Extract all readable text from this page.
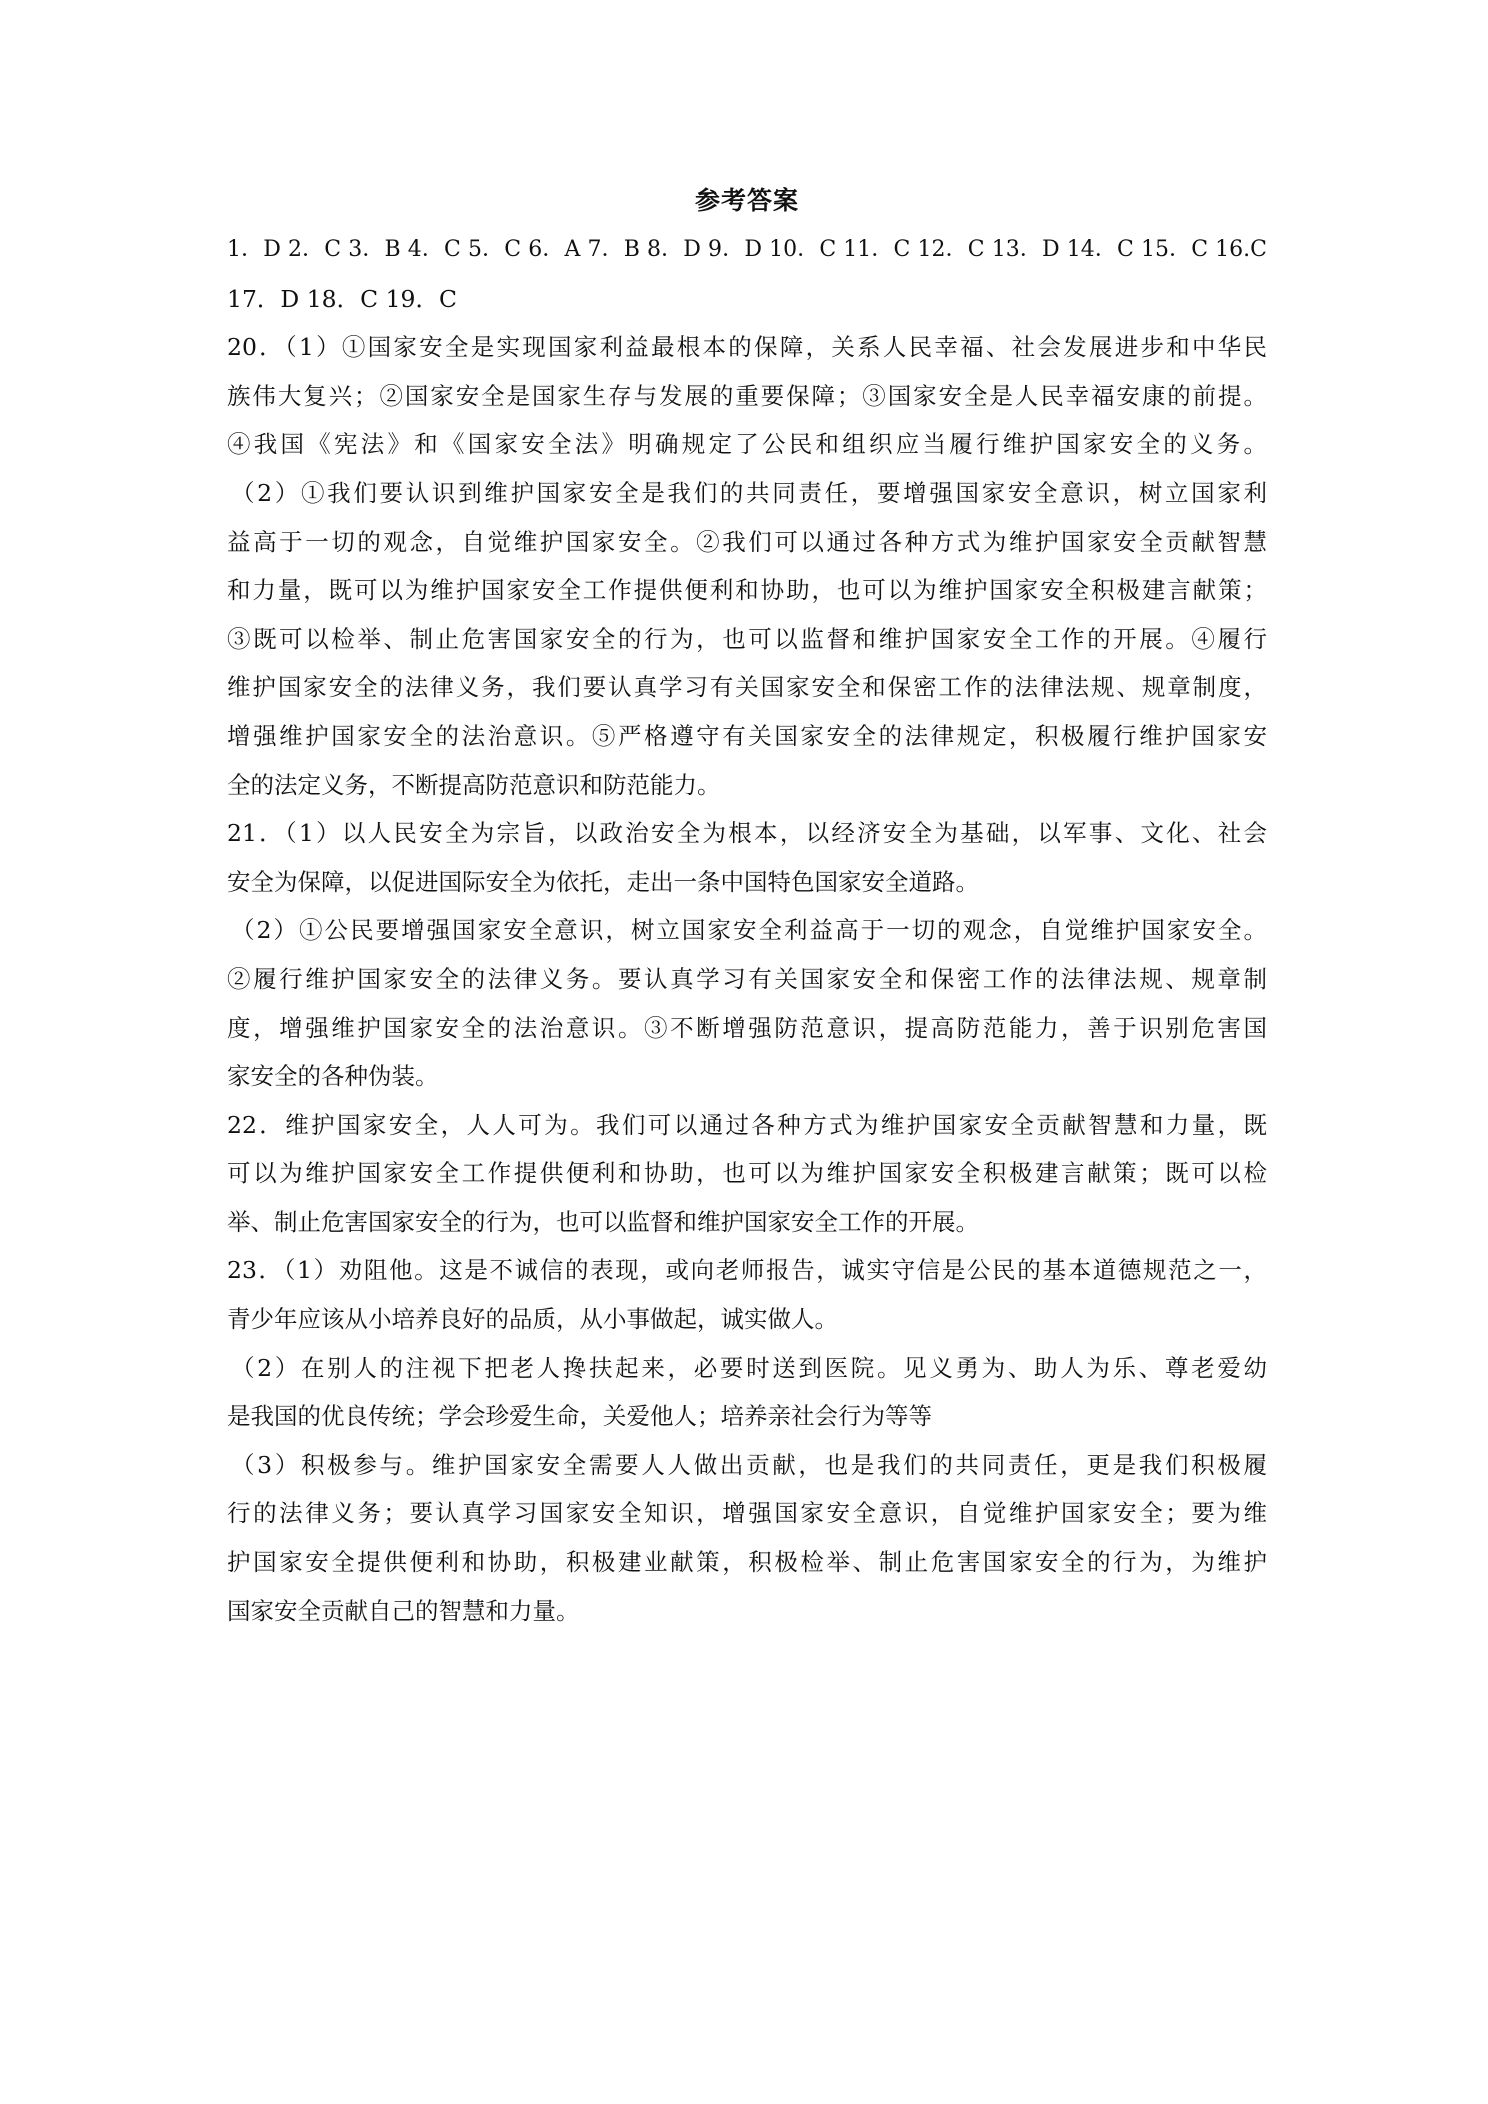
参考答案

1．D 2．C 3．B 4．C 5．C 6．A 7．B 8．D 9．D 10．C 11．C 12．C 13．D 14．C 15．C 16.C

17．D 18．C 19．C

20．（1）①国家安全是实现国家利益最根本的保障，关系人民幸福、社会发展进步和中华民

族伟大复兴；②国家安全是国家生存与发展的重要保障；③国家安全是人民幸福安康的前提。

④我国《宪法》和《国家安全法》明确规定了公民和组织应当履行维护国家安全的义务。

（2）①我们要认识到维护国家安全是我们的共同责任，要增强国家安全意识，树立国家利

益高于一切的观念，自觉维护国家安全。②我们可以通过各种方式为维护国家安全贡献智慧

和力量，既可以为维护国家安全工作提供便利和协助，也可以为维护国家安全积极建言献策；

③既可以检举、制止危害国家安全的行为，也可以监督和维护国家安全工作的开展。④履行

维护国家安全的法律义务，我们要认真学习有关国家安全和保密工作的法律法规、规章制度，

增强维护国家安全的法治意识。⑤严格遵守有关国家安全的法律规定，积极履行维护国家安

全的法定义务，不断提高防范意识和防范能力。

21．（1）以人民安全为宗旨，以政治安全为根本，以经济安全为基础，以军事、文化、社会

安全为保障，以促进国际安全为依托，走出一条中国特色国家安全道路。

（2）①公民要增强国家安全意识，树立国家安全利益高于一切的观念，自觉维护国家安全。

②履行维护国家安全的法律义务。要认真学习有关国家安全和保密工作的法律法规、规章制

度，增强维护国家安全的法治意识。③不断增强防范意识，提高防范能力，善于识别危害国

家安全的各种伪装。

22．维护国家安全，人人可为。我们可以通过各种方式为维护国家安全贡献智慧和力量，既

可以为维护国家安全工作提供便利和协助，也可以为维护国家安全积极建言献策；既可以检

举、制止危害国家安全的行为，也可以监督和维护国家安全工作的开展。

23．（1）劝阻他。这是不诚信的表现，或向老师报告，诚实守信是公民的基本道德规范之一，

青少年应该从小培养良好的品质，从小事做起，诚实做人。

（2）在别人的注视下把老人搀扶起来，必要时送到医院。见义勇为、助人为乐、尊老爱幼

是我国的优良传统；学会珍爱生命，关爱他人；培养亲社会行为等等

（3）积极参与。维护国家安全需要人人做出贡献，也是我们的共同责任，更是我们积极履

行的法律义务；要认真学习国家安全知识，增强国家安全意识，自觉维护国家安全；要为维

护国家安全提供便利和协助，积极建业献策，积极检举、制止危害国家安全的行为，为维护

国家安全贡献自己的智慧和力量。
